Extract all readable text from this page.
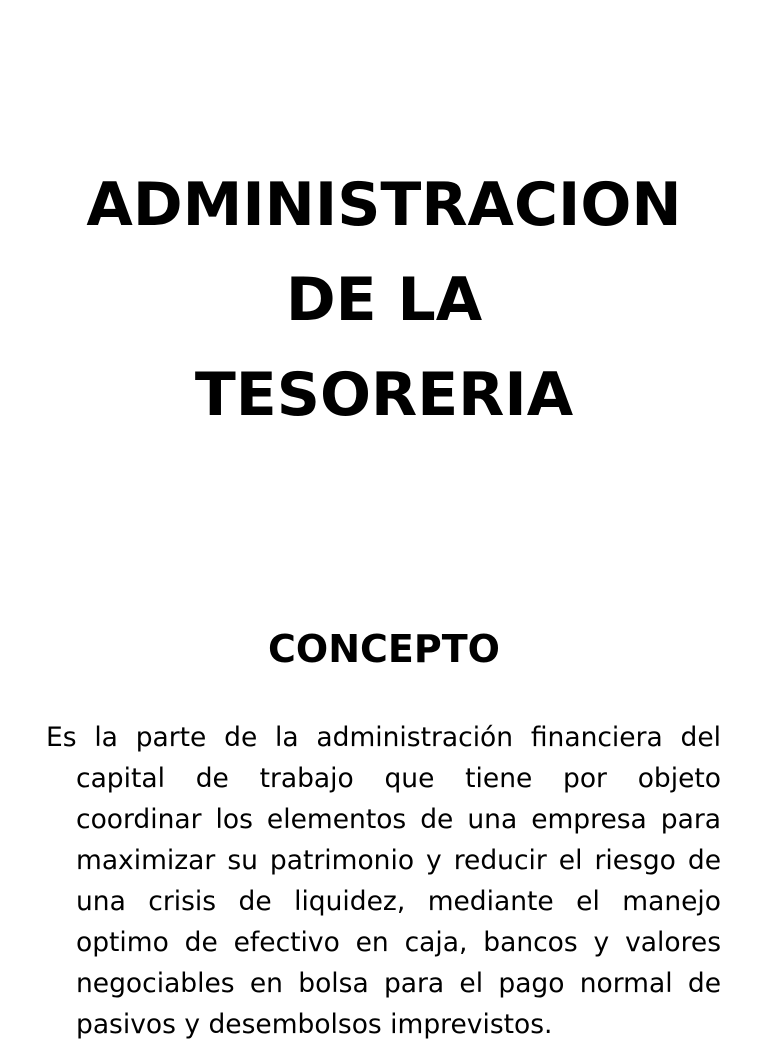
ADMINISTRACION
DE LA
TESORERIA
CONCEPTO

Es la parte de la administración financiera del capital de trabajo que tiene por objeto coordinar los elementos de una empresa para maximizar su patrimonio y reducir el riesgo de una crisis de liquidez, mediante el manejo optimo de efectivo en caja, bancos y valores negociables en bolsa para el pago normal de pasivos y desembolsos imprevistos.
